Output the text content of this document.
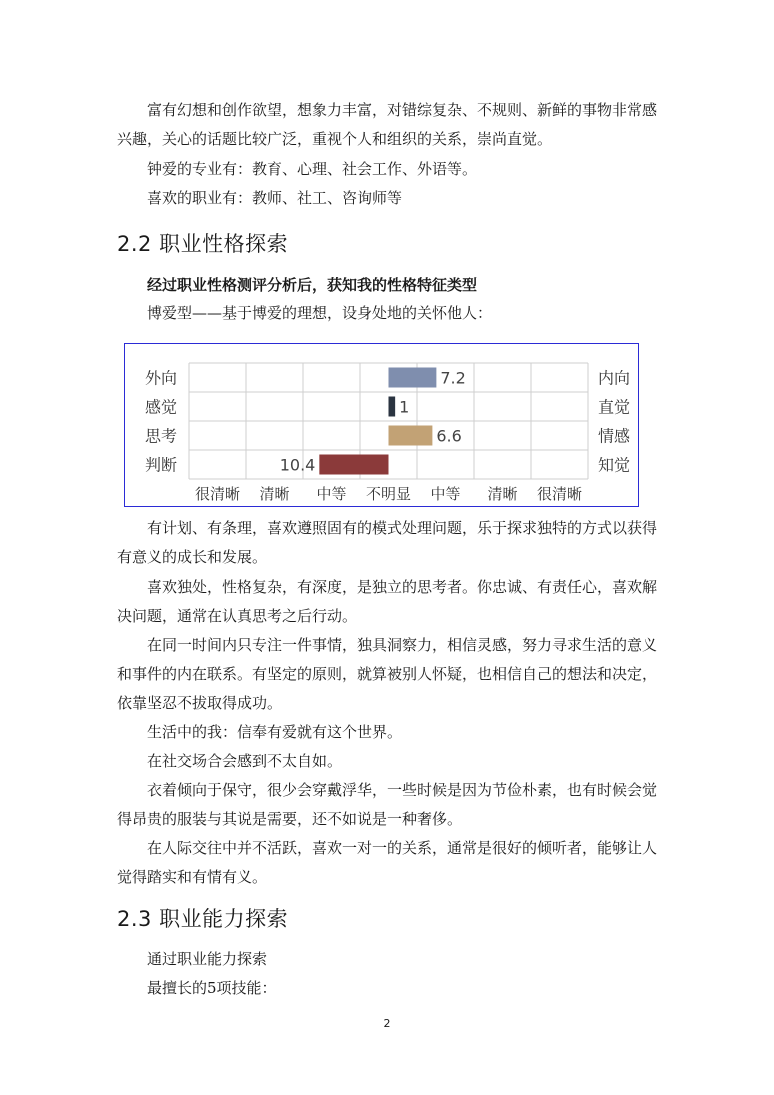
富有幻想和创作欲望，想象力丰富，对错综复杂、不规则、新鲜的事物非常感兴趣，关心的话题比较广泛，重视个人和组织的关系，崇尚直觉。

钟爱的专业有：教育、心理、社会工作、外语等。

喜欢的职业有：教师、社工、咨询师等

2.2 职业性格探索

经过职业性格测评分析后，获知我的性格特征类型

博爱型——基于博爱的理想，设身处地的关怀他人：

外向	内向
7.2
感觉	直觉
1
思考	情感
6.6
判断	知觉
10.4
很清晰 清晰 中等 不明显 中等 清晰 很清晰

有计划、有条理，喜欢遵照固有的模式处理问题，乐于探求独特的方式以获得有意义的成长和发展。

喜欢独处，性格复杂，有深度，是独立的思考者。你忠诚、有责任心，喜欢解决问题，通常在认真思考之后行动。

在同一时间内只专注一件事情，独具洞察力，相信灵感，努力寻求生活的意义和事件的内在联系。有坚定的原则，就算被别人怀疑，也相信自己的想法和决定，依靠坚忍不拔取得成功。

生活中的我：信奉有爱就有这个世界。

在社交场合会感到不太自如。

衣着倾向于保守，很少会穿戴浮华，一些时候是因为节俭朴素，也有时候会觉得昂贵的服装与其说是需要，还不如说是一种奢侈。

在人际交往中并不活跃，喜欢一对一的关系，通常是很好的倾听者，能够让人觉得踏实和有情有义。

2.3 职业能力探索

通过职业能力探索

最擅长的5项技能：

2
